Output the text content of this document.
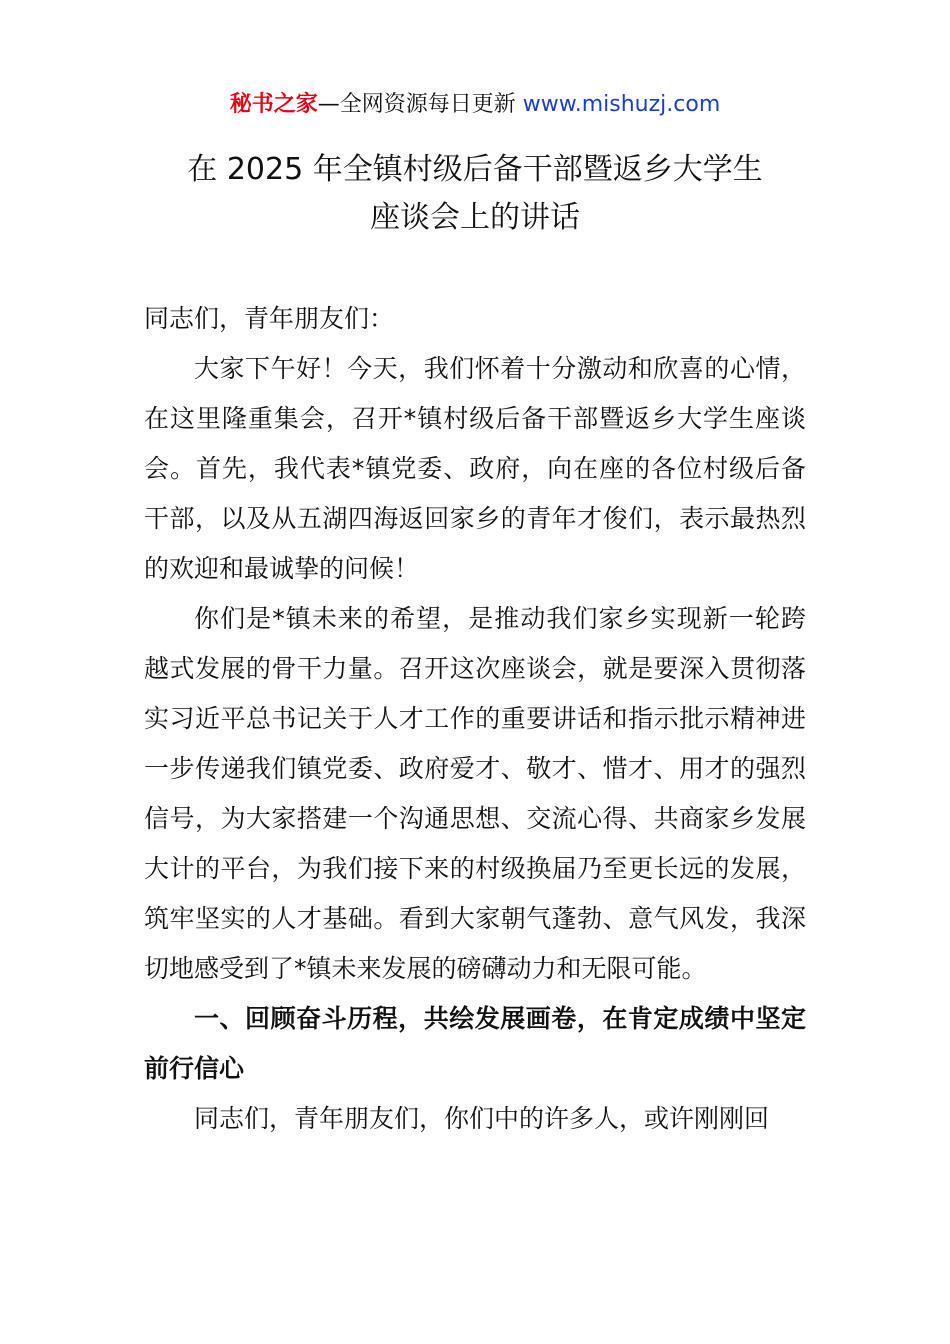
秘书之家—全网资源每日更新 www.mishuzj.com
在 2025 年全镇村级后备干部暨返乡大学生
座谈会上的讲话

同志们，青年朋友们：

大家下午好！今天，我们怀着十分激动和欣喜的心情，在这里隆重集会，召开*镇村级后备干部暨返乡大学生座谈会。首先，我代表*镇党委、政府，向在座的各位村级后备干部，以及从五湖四海返回家乡的青年才俊们，表示最热烈的欢迎和最诚挚的问候！

你们是*镇未来的希望，是推动我们家乡实现新一轮跨越式发展的骨干力量。召开这次座谈会，就是要深入贯彻落实习近平总书记关于人才工作的重要讲话和指示批示精神进一步传递我们镇党委、政府爱才、敬才、惜才、用才的强烈信号，为大家搭建一个沟通思想、交流心得、共商家乡发展大计的平台，为我们接下来的村级换届乃至更长远的发展，筑牢坚实的人才基础。看到大家朝气蓬勃、意气风发，我深切地感受到了*镇未来发展的磅礴动力和无限可能。

一、回顾奋斗历程，共绘发展画卷，在肯定成绩中坚定前行信心

同志们，青年朋友们，你们中的许多人，或许刚刚回
